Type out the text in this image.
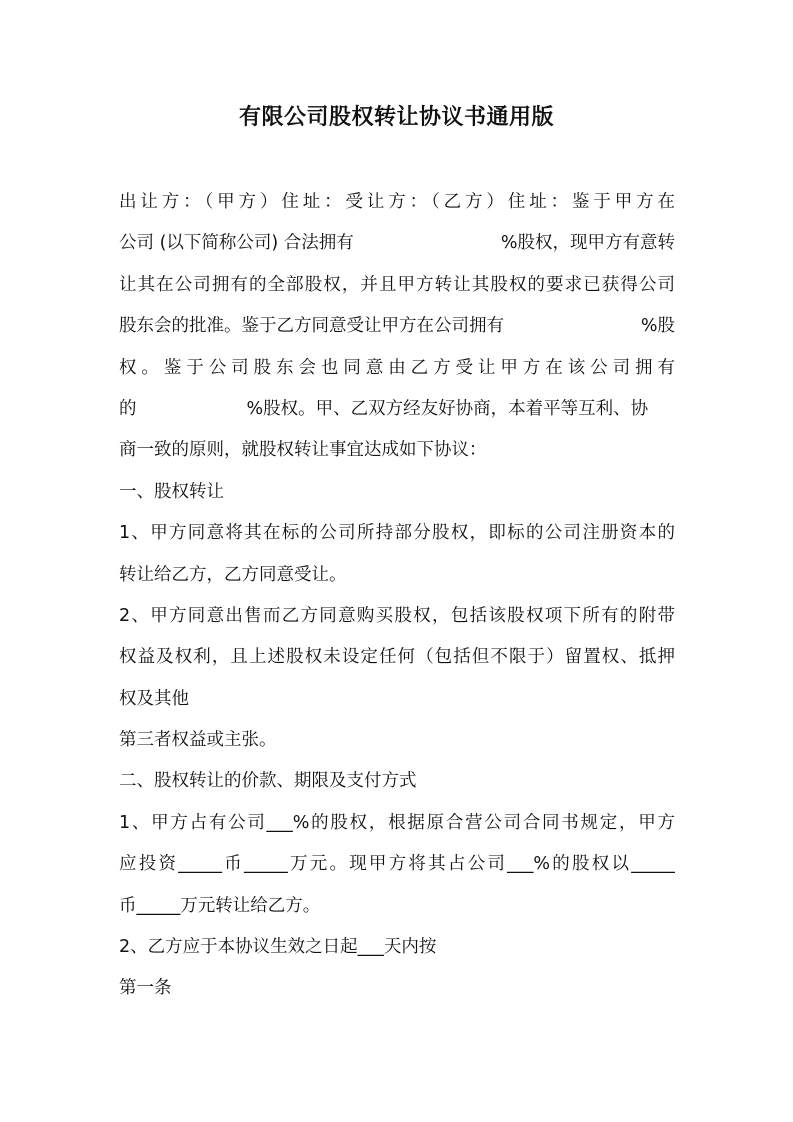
有限公司股权转让协议书通用版
出让方：（甲方）住址：受让方：（乙方）住址：鉴于甲方在
公司 (以下简称公司) 合法拥有	%股权，现甲方有意转
让其在公司拥有的全部股权，并且甲方转让其股权的要求已获得公司
股东会的批准。鉴于乙方同意受让甲方在公司拥有	%股
权。鉴于公司股东会也同意由乙方受让甲方在该公司拥有
的	%股权。甲、乙双方经友好协商，本着平等互利、协
商一致的原则，就股权转让事宜达成如下协议：
一、股权转让
1、甲方同意将其在标的公司所持部分股权，即标的公司注册资本的
转让给乙方，乙方同意受让。
2、甲方同意出售而乙方同意购买股权，包括该股权项下所有的附带
权益及权利，且上述股权未设定任何（包括但不限于）留置权、抵押
权及其他
第三者权益或主张。
二、股权转让的价款、期限及支付方式
1、甲方占有公司___%的股权，根据原合营公司合同书规定，甲方
应投资_____币_____万元。现甲方将其占公司___%的股权以_____
币_____万元转让给乙方。
2、乙方应于本协议生效之日起___天内按
第一条
